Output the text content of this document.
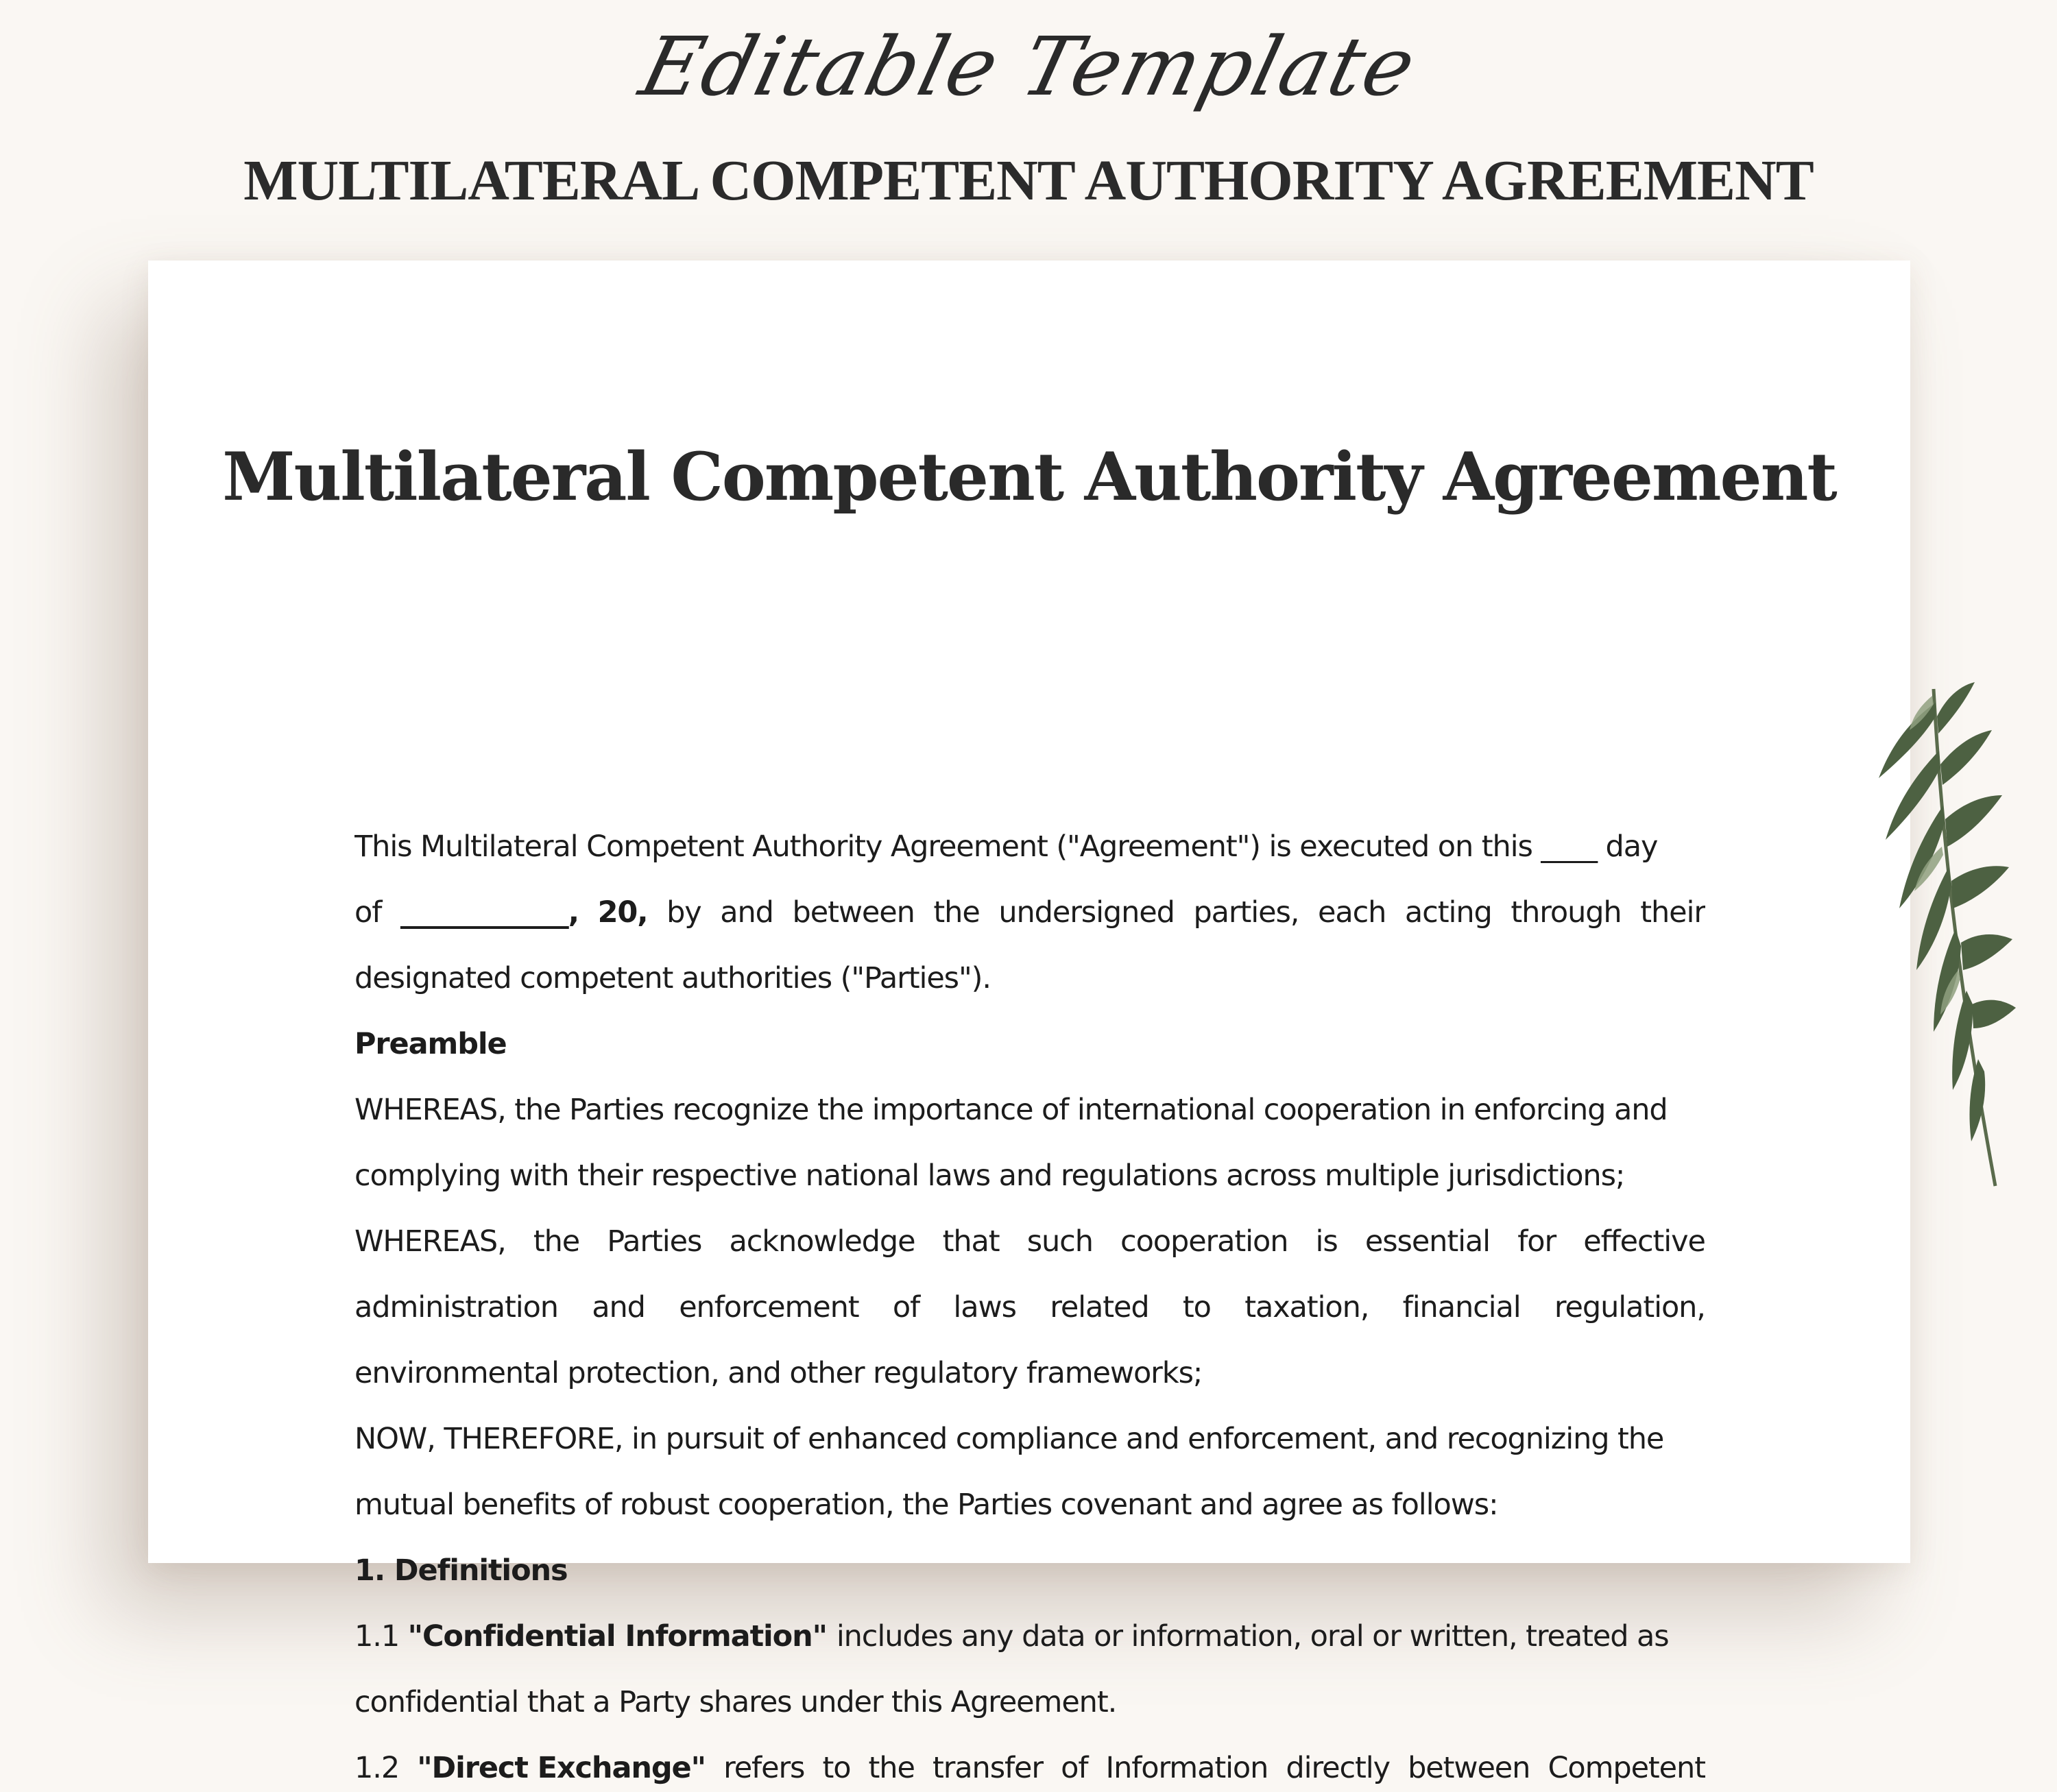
Editable Template
MULTILATERAL COMPETENT AUTHORITY AGREEMENT
Multilateral Competent Authority Agreement
This Multilateral Competent Authority Agreement ("Agreement") is executed on this ____ day
of ____________, 20, by and between the undersigned parties, each acting through their
designated competent authorities ("Parties").
Preamble
WHEREAS, the Parties recognize the importance of international cooperation in enforcing and
complying with their respective national laws and regulations across multiple jurisdictions;
WHEREAS, the Parties acknowledge that such cooperation is essential for effective
administration and enforcement of laws related to taxation, financial regulation,
environmental protection, and other regulatory frameworks;
NOW, THEREFORE, in pursuit of enhanced compliance and enforcement, and recognizing the
mutual benefits of robust cooperation, the Parties covenant and agree as follows:
1. Definitions
1.1 "Confidential Information" includes any data or information, oral or written, treated as
confidential that a Party shares under this Agreement.
1.2 "Direct Exchange" refers to the transfer of Information directly between Competent
